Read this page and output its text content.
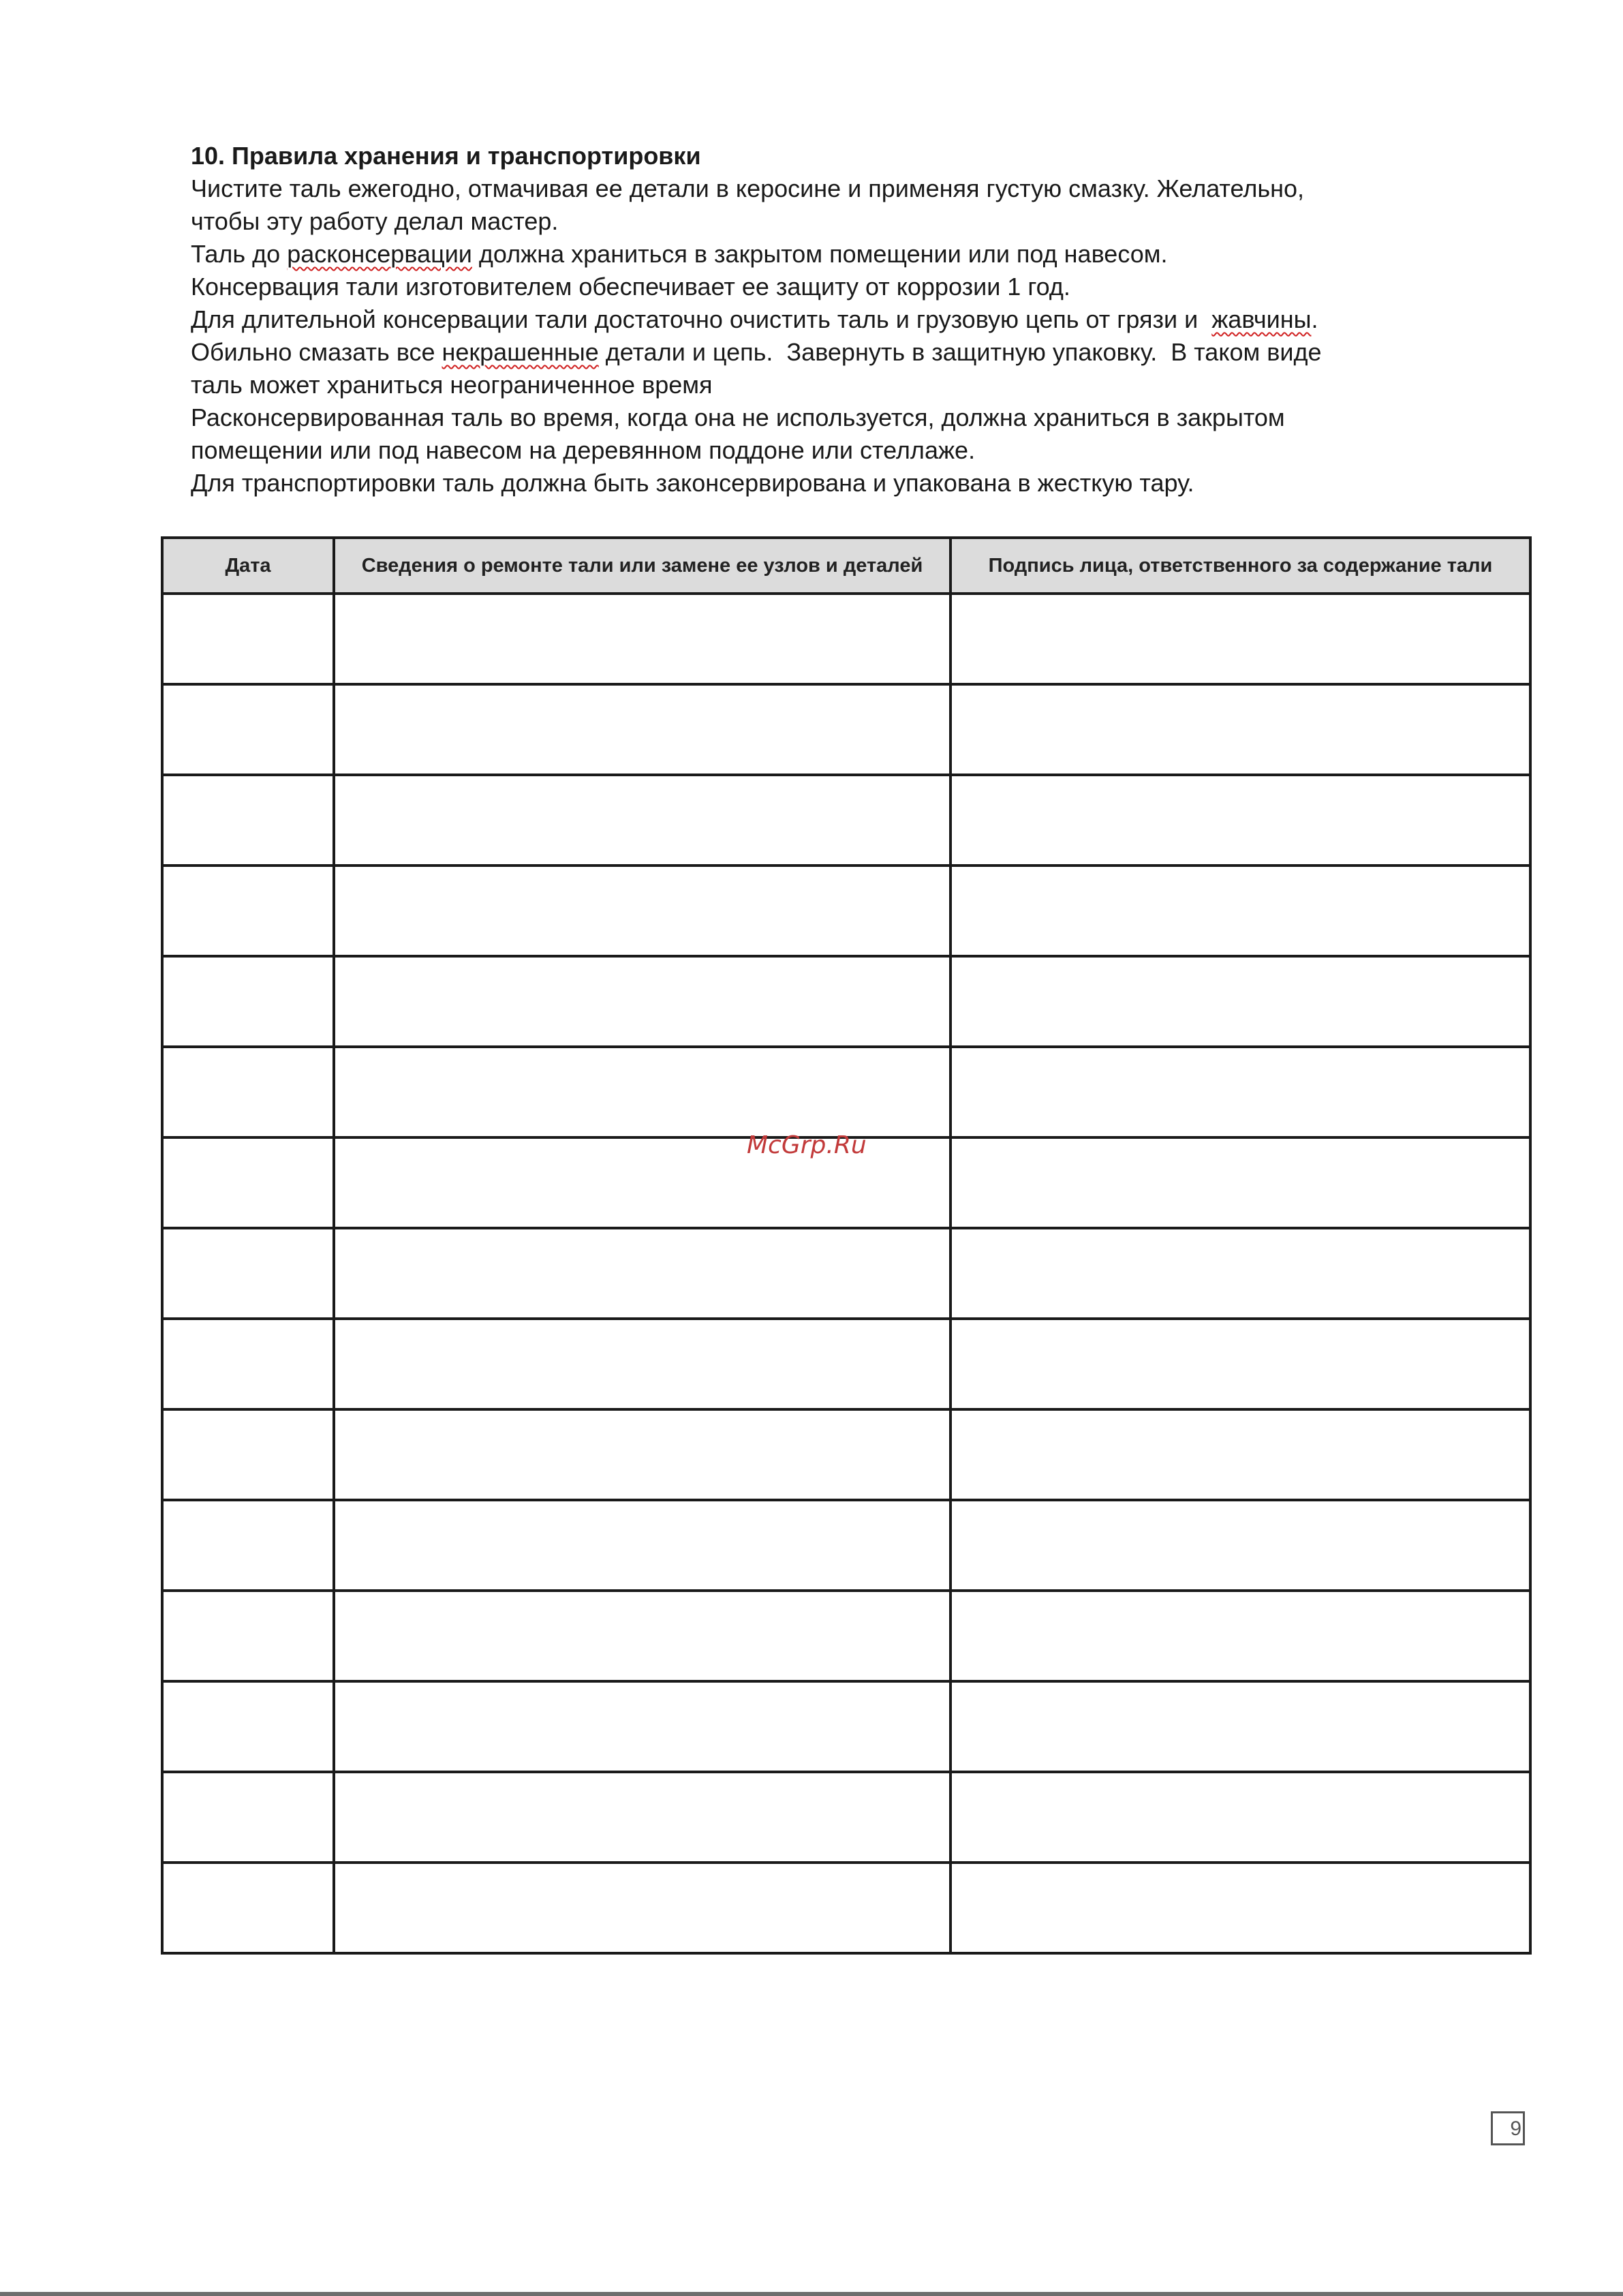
10. Правила хранения и транспортировки

Чистите таль ежегодно, отмачивая ее детали в керосине и применяя густую смазку. Желательно,

чтобы эту работу делал мастер.

Таль до расконсервации должна храниться в закрытом помещении или под навесом.

Консервация тали изготовителем обеспечивает ее защиту от коррозии 1 год.

Для длительной консервации тали достаточно очистить таль и грузовую цепь от грязи и  жавчины.

Обильно смазать все некрашенные детали и цепь.  Завернуть в защитную упаковку.  В таком виде

таль может храниться неограниченное время

Расконсервированная таль во время, когда она не используется, должна храниться в закрытом

помещении или под навесом на деревянном поддоне или стеллаже.

Для транспортировки таль должна быть законсервирована и упакована в жесткую тару.

Дата	Сведения о ремонте тали или замене ее узлов и деталей	Подпись лица, ответственного за содержание тали

McGrp.Ru
9
